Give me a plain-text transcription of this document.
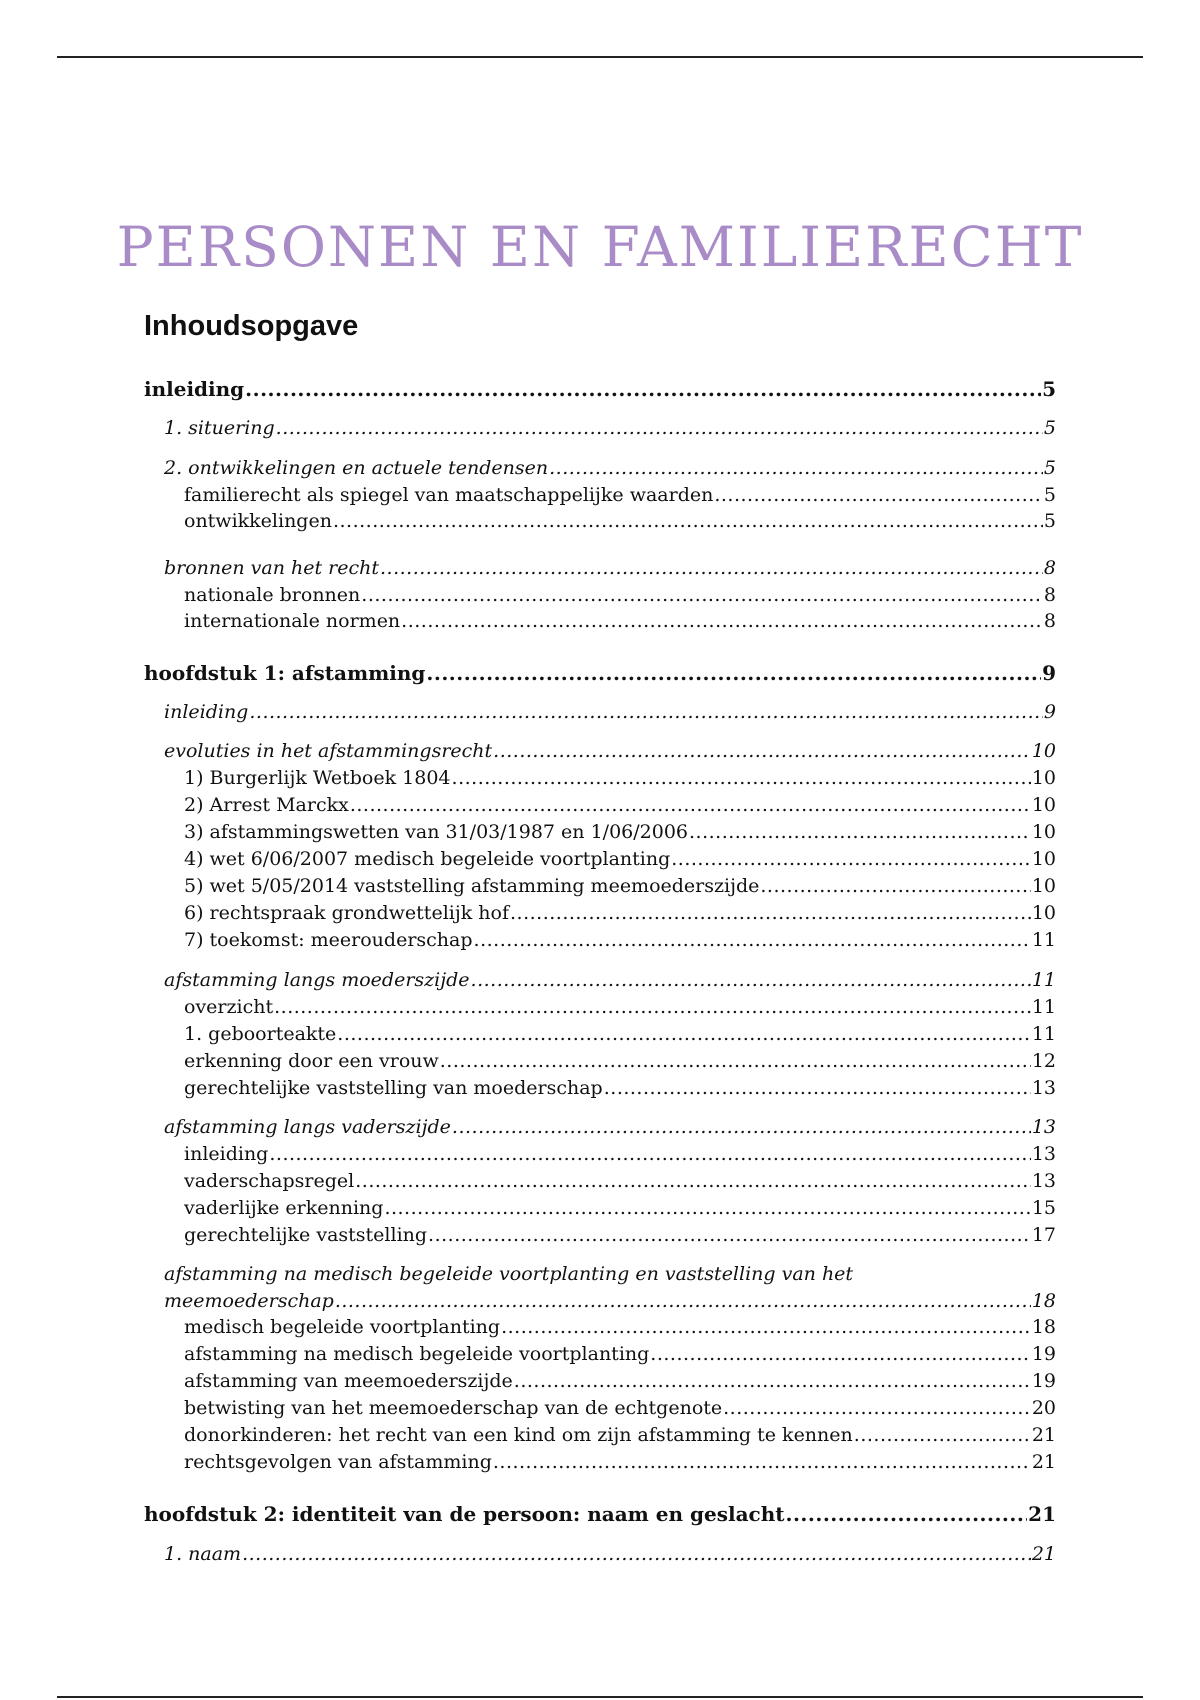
PERSONEN EN FAMILIERECHT
Inhoudsopgave
inleiding .....	5
1. situering .....	5
2. ontwikkelingen en actuele tendensen .....	5
familierecht als spiegel van maatschappelijke waarden .....	5
ontwikkelingen .....	5
bronnen van het recht .....	8
nationale bronnen .....	8
internationale normen .....	8
hoofdstuk 1: afstamming .....	9
inleiding .....	9
evoluties in het afstammingsrecht .....	10
1) Burgerlijk Wetboek 1804 .....	10
2) Arrest Marckx .....	10
3) afstammingswetten van 31/03/1987 en 1/06/2006 .....	10
4) wet 6/06/2007 medisch begeleide voortplanting .....	10
5) wet 5/05/2014 vaststelling afstamming meemoederszijde .....	10
6) rechtspraak grondwettelijk hof .....	10
7) toekomst: meerouderschap .....	11
afstamming langs moederszijde .....	11
overzicht .....	11
1. geboorteakte .....	11
erkenning door een vrouw .....	12
gerechtelijke vaststelling van moederschap .....	13
afstamming langs vaderszijde .....	13
inleiding .....	13
vaderschapsregel .....	13
vaderlijke erkenning .....	15
gerechtelijke vaststelling .....	17
afstamming na medisch begeleide voortplanting en vaststelling van het
meemoederschap .....	18
medisch begeleide voortplanting .....	18
afstamming na medisch begeleide voortplanting .....	19
afstamming van meemoederszijde .....	19
betwisting van het meemoederschap van de echtgenote .....	20
donorkinderen: het recht van een kind om zijn afstamming te kennen .....	21
rechtsgevolgen van afstamming .....	21
hoofdstuk 2: identiteit van de persoon: naam en geslacht .....	21
1. naam .....	21
